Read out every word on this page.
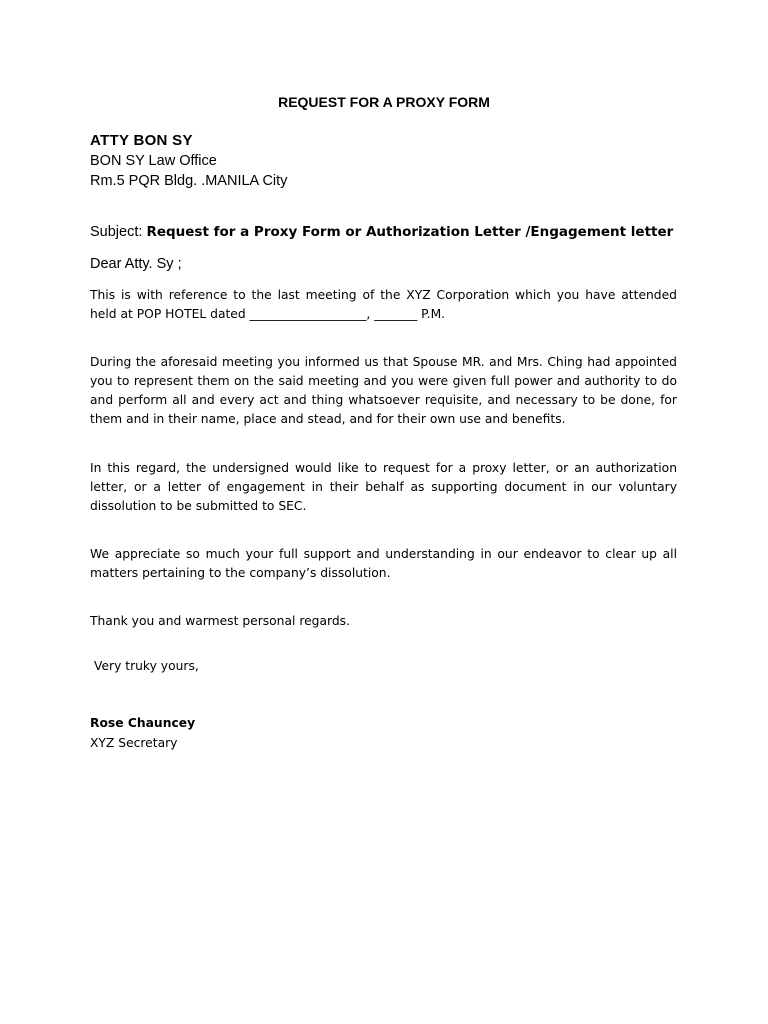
REQUEST FOR A PROXY FORM
ATTY BON SY
BON SY Law Office
Rm.5 PQR Bldg. .MANILA City
Subject: Request for a Proxy Form or Authorization Letter /Engagement letter
Dear Atty. Sy ;

This is with reference to the last meeting of the XYZ Corporation which you have attended held at POP HOTEL dated ___________________, _______ P.M.

During the aforesaid meeting you informed us that Spouse MR. and Mrs. Ching had appointed you to represent them on the said meeting and you were given full power and authority to do and perform all and every act and thing whatsoever requisite, and necessary to be done, for them and in their name, place and stead, and for their own use and benefits.

In this regard, the undersigned would like to request for a proxy letter, or an authorization letter, or a letter of engagement in their behalf as supporting document in our voluntary dissolution to be submitted to SEC.

We appreciate so much your full support and understanding in our endeavor to clear up all matters pertaining to the company’s dissolution.

Thank you and warmest personal regards.

Very truky yours,
Rose Chauncey
XYZ Secretary
